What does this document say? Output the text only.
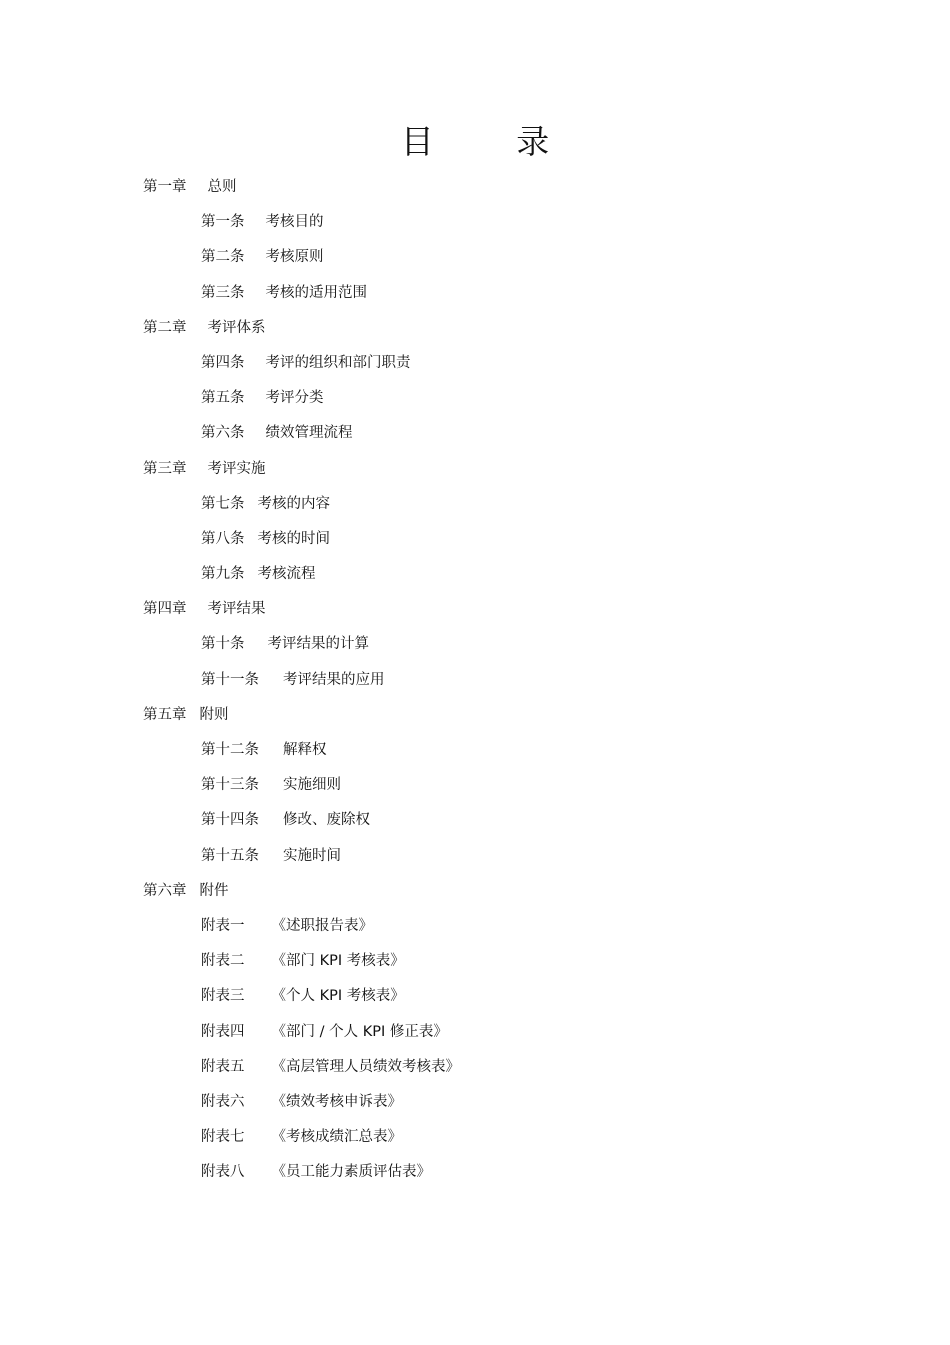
目 录
第一章 总则
第一条 考核目的
第二条 考核原则
第三条 考核的适用范围
第二章 考评体系
第四条 考评的组织和部门职责
第五条 考评分类
第六条 绩效管理流程
第三章 考评实施
第七条 考核的内容
第八条 考核的时间
第九条 考核流程
第四章 考评结果
第十条 考评结果的计算
第十一条 考评结果的应用
第五章 附则
第十二条 解释权
第十三条 实施细则
第十四条 修改、废除权
第十五条 实施时间
第六章 附件
附表一 《述职报告表》
附表二 《部门 KPI 考核表》
附表三 《个人 KPI 考核表》
附表四 《部门 / 个人 KPI 修正表》
附表五 《高层管理人员绩效考核表》
附表六 《绩效考核申诉表》
附表七 《考核成绩汇总表》
附表八 《员工能力素质评估表》
